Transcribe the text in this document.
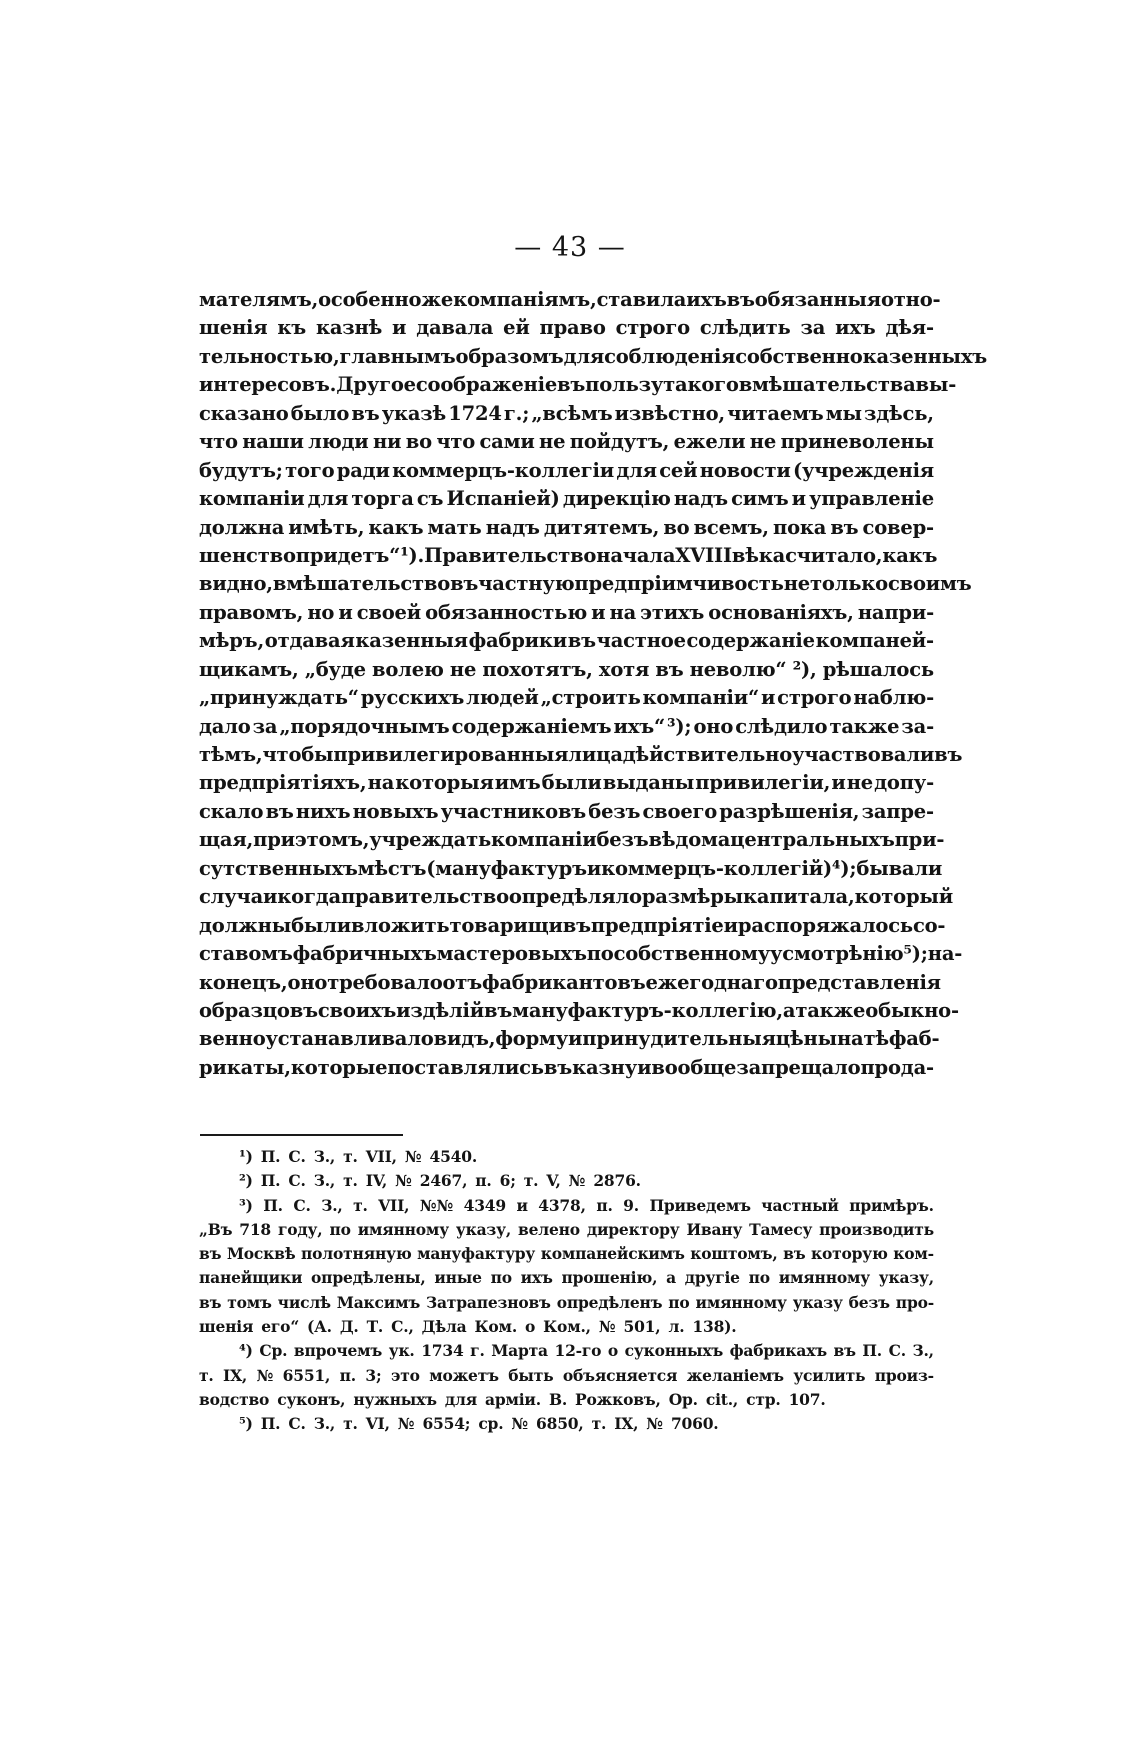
— 43 —
мателямъ, особенно же компаніямъ, ставила ихъ въ обязанныя отно-
шенія къ казнѣ и давала ей право строго слѣдить за ихъ дѣя-
тельностью, главнымъ образомъ для соблюденія собственно казенныхъ
интересовъ. Другое соображеніе въ пользу такого вмѣшательства вы-
сказано было въ указѣ 1724 г.; „всѣмъ извѣстно, читаемъ мы здѣсь,
что наши люди ни во что сами не пойдутъ, ежели не приневолены
будутъ; того ради коммерцъ-коллегіи для сей новости (учрежденія
компаніи для торга съ Испаніей) дирекцію надъ симъ и управленіе
должна имѣть, какъ мать надъ дитятемъ, во всемъ, пока въ совер-
шенство придетъ“ ¹). Правительство начала XVIII вѣка считало, какъ
видно, вмѣшательство въ частную предпріимчивость не только своимъ
правомъ, но и своей обязанностью и на этихъ основаніяхъ, напри-
мѣръ, отдавая казенныя фабрики въ частное содержаніе компаней-
щикамъ, „буде волею не похотятъ, хотя въ неволю“ ²), рѣшалось
„принуждать“ русскихъ людей „строить компаніи“ и строго наблю-
дало за „порядочнымъ содержаніемъ ихъ“ ³); оно слѣдило также за-
тѣмъ, чтобы привилегированныя лица дѣйствительно участвовали въ
предпріятіяхъ, на которыя имъ были выданы привилегіи, и не допу-
скало въ нихъ новыхъ участниковъ безъ своего разрѣшенія, запре-
щая, при этомъ, учреждать компаніи безъ вѣдома центральныхъ при-
сутственныхъ мѣстъ (мануфактуръ и коммерцъ - коллегій) ⁴); бывали
случаи когда правительство опредѣляло размѣры капитала, который
должны были вложить товарищи въ предпріятіе и распоряжалось со-
ставомъ фабричныхъ мастеровыхъ по собственному усмотрѣнію ⁵); на-
конецъ, оно требовало отъ фабрикантовъ ежегоднаго представленія
образцовъ своихъ издѣлій въ мануфактуръ-коллегію, а также обыкно-
венно устанавливало видъ, форму и принудительныя цѣны на тѣ фаб-
рикаты, которые поставлялись въ казну и вообще запрещало прода-
¹) П. С. З., т. VII, № 4540.
²) П. С. З., т. IV, № 2467, п. 6; т. V, № 2876.
³) П. С. З., т. VII, №№ 4349 и 4378, п. 9. Приведемъ частный примѣръ.
„Въ 718 году, по имянному указу, велено директору Ивану Тамесу производить
въ Москвѣ полотняную мануфактуру компанейскимъ коштомъ, въ которую ком-
панейщики опредѣлены, иные по ихъ прошенію, а другіе по имянному указу,
въ томъ числѣ Максимъ Затрапезновъ опредѣленъ по имянному указу безъ про-
шенія его“ (А. Д. Т. С., Дѣла Ком. о Ком., № 501, л. 138).
⁴) Ср. впрочемъ ук. 1734 г. Марта 12-го о суконныхъ фабрикахъ въ П. С. З.,
т. IX, № 6551, п. 3; это можетъ быть объясняется желаніемъ усилить произ-
водство суконъ, нужныхъ для арміи. В. Рожковъ, Op. cit., стр. 107.
⁵) П. С. З., т. VI, № 6554; ср. № 6850, т. IX, № 7060.
